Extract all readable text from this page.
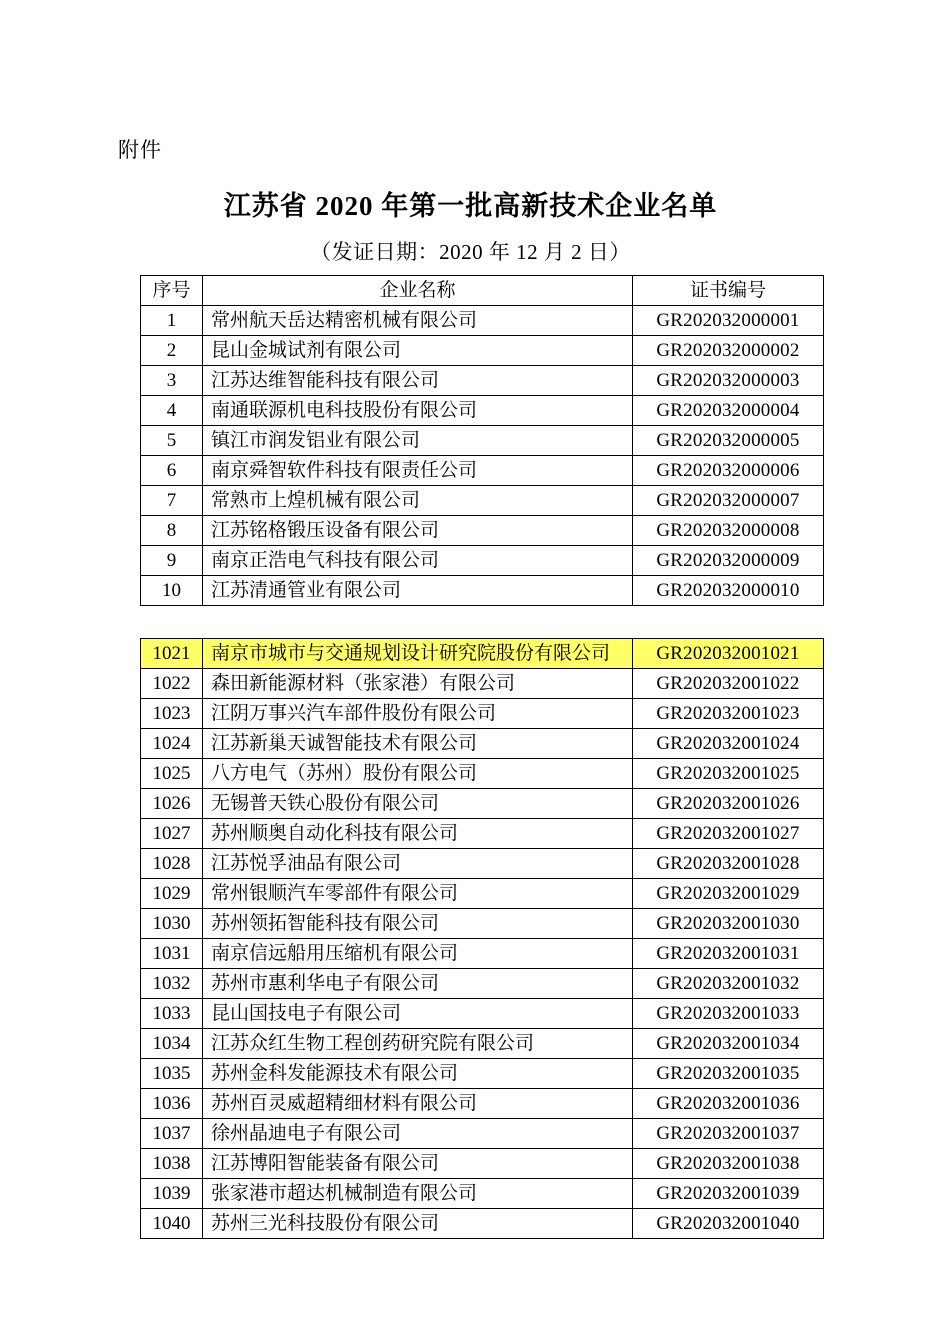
附件
江苏省 2020 年第一批高新技术企业名单
（发证日期：2020 年 12 月 2 日）
序号	企业名称	证书编号
1	常州航天岳达精密机械有限公司	GR202032000001
2	昆山金城试剂有限公司	GR202032000002
3	江苏达维智能科技有限公司	GR202032000003
4	南通联源机电科技股份有限公司	GR202032000004
5	镇江市润发铝业有限公司	GR202032000005
6	南京舜智软件科技有限责任公司	GR202032000006
7	常熟市上煌机械有限公司	GR202032000007
8	江苏铭格锻压设备有限公司	GR202032000008
9	南京正浩电气科技有限公司	GR202032000009
10	江苏清通管业有限公司	GR202032000010
1021	南京市城市与交通规划设计研究院股份有限公司	GR202032001021
1022	森田新能源材料（张家港）有限公司	GR202032001022
1023	江阴万事兴汽车部件股份有限公司	GR202032001023
1024	江苏新巢天诚智能技术有限公司	GR202032001024
1025	八方电气（苏州）股份有限公司	GR202032001025
1026	无锡普天铁心股份有限公司	GR202032001026
1027	苏州顺奥自动化科技有限公司	GR202032001027
1028	江苏悦孚油品有限公司	GR202032001028
1029	常州银顺汽车零部件有限公司	GR202032001029
1030	苏州领拓智能科技有限公司	GR202032001030
1031	南京信远船用压缩机有限公司	GR202032001031
1032	苏州市惠利华电子有限公司	GR202032001032
1033	昆山国技电子有限公司	GR202032001033
1034	江苏众红生物工程创药研究院有限公司	GR202032001034
1035	苏州金科发能源技术有限公司	GR202032001035
1036	苏州百灵威超精细材料有限公司	GR202032001036
1037	徐州晶迪电子有限公司	GR202032001037
1038	江苏博阳智能装备有限公司	GR202032001038
1039	张家港市超达机械制造有限公司	GR202032001039
1040	苏州三光科技股份有限公司	GR202032001040
